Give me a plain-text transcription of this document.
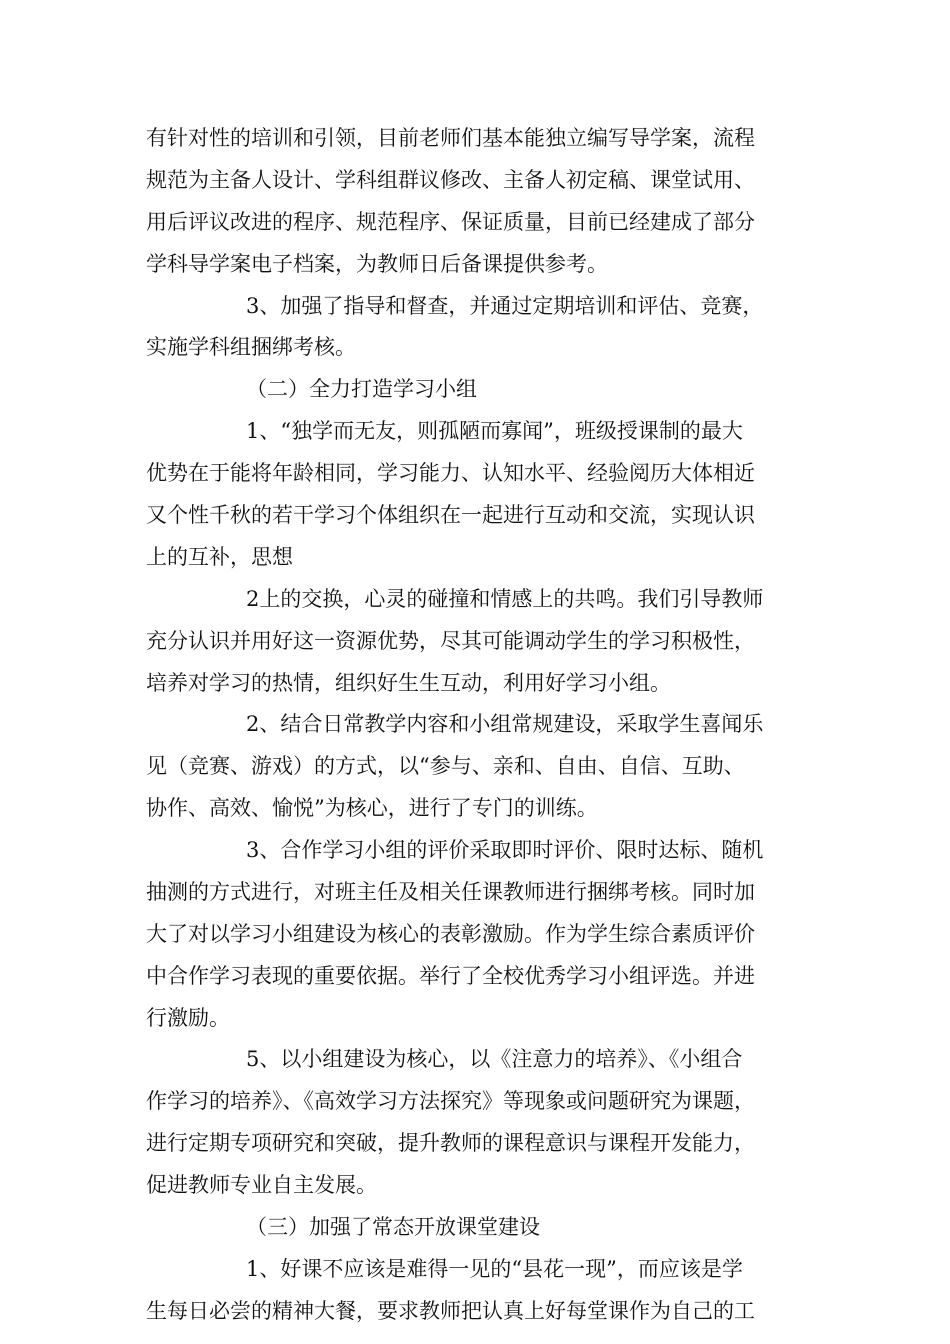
有针对性的培训和引领，目前老师们基本能独立编写导学案，流程
规范为主备人设计、学科组群议修改、主备人初定稿、课堂试用、
用后评议改进的程序、规范程序、保证质量，目前已经建成了部分
学科导学案电子档案，为教师日后备课提供参考。
3、加强了指导和督查，并通过定期培训和评估、竞赛，
实施学科组捆绑考核。
（二）全力打造学习小组
1、“独学而无友，则孤陋而寡闻”，班级授课制的最大
优势在于能将年龄相同，学习能力、认知水平、经验阅历大体相近
又个性千秋的若干学习个体组织在一起进行互动和交流，实现认识
上的互补，思想
2上的交换，心灵的碰撞和情感上的共鸣。我们引导教师
充分认识并用好这一资源优势，尽其可能调动学生的学习积极性，
培养对学习的热情，组织好生生互动，利用好学习小组。
2、结合日常教学内容和小组常规建设，采取学生喜闻乐
见（竞赛、游戏）的方式，以“参与、亲和、自由、自信、互助、
协作、高效、愉悦”为核心，进行了专门的训练。
3、合作学习小组的评价采取即时评价、限时达标、随机
抽测的方式进行，对班主任及相关任课教师进行捆绑考核。同时加
大了对以学习小组建设为核心的表彰激励。作为学生综合素质评价
中合作学习表现的重要依据。举行了全校优秀学习小组评选。并进
行激励。
5、以小组建设为核心，以《注意力的培养》、《小组合
作学习的培养》、《高效学习方法探究》等现象或问题研究为课题，
进行定期专项研究和突破，提升教师的课程意识与课程开发能力，
促进教师专业自主发展。
（三）加强了常态开放课堂建设
1、好课不应该是难得一见的“县花一现”，而应该是学
生每日必尝的精神大餐，要求教师把认真上好每堂课作为自己的工
